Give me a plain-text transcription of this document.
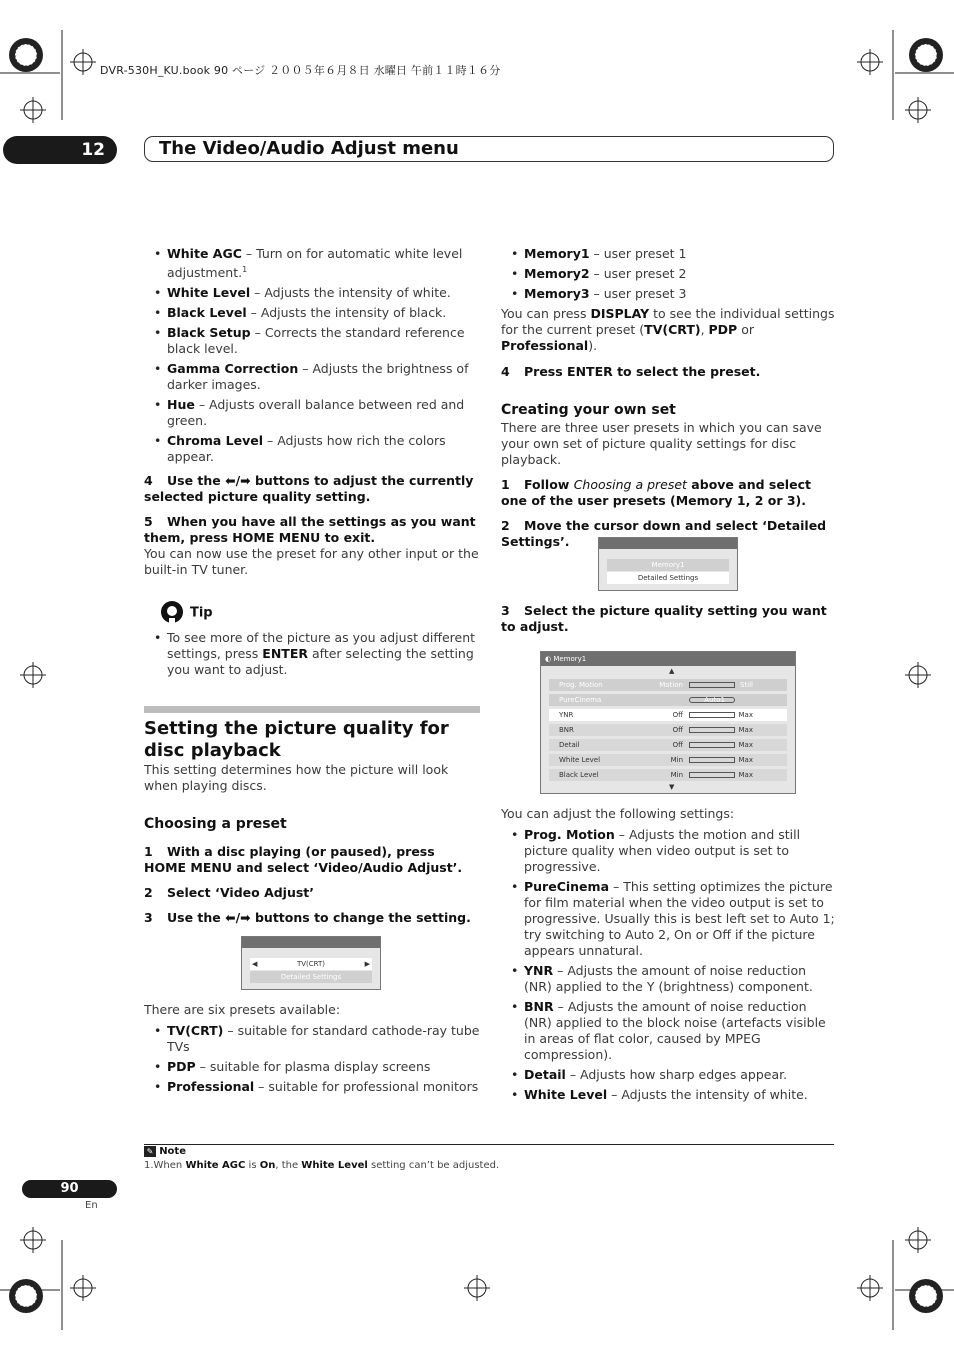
DVR-530H_KU.book 90 ページ ２００５年６月８日 水曜日 午前１１時１６分
12	The Video/Audio Adjust menu
• White AGC – Turn on for automatic white level adjustment.$^1$
• White Level – Adjusts the intensity of white.
• Black Level – Adjusts the intensity of black.
• Black Setup – Corrects the standard reference black level.
• Gamma Correction – Adjusts the brightness of darker images.
• Hue – Adjusts overall balance between red and green.
• Chroma Level – Adjusts how rich the colors appear.

4 Use the ⬅/➡ buttons to adjust the currently selected picture quality setting.

5 When you have all the settings as you want them, press HOME MENU to exit.

You can now use the preset for any other input or the built-in TV tuner.

Tip
• To see more of the picture as you adjust different settings, press ENTER after selecting the setting you want to adjust.
Setting the picture quality for disc playback

This setting determines how the picture will look when playing discs.

Choosing a preset

1 With a disc playing (or paused), press HOME MENU and select ‘Video/Audio Adjust’.

2 Select ‘Video Adjust’

3 Use the ⬅/➡ buttons to change the setting.

◀	TV(CRT)	▶
Detailed Settings

There are six presets available:

• TV(CRT) – suitable for standard cathode-ray tube TVs
• PDP – suitable for plasma display screens
• Professional – suitable for professional monitors
• Memory1 – user preset 1
• Memory2 – user preset 2
• Memory3 – user preset 3

You can press DISPLAY to see the individual settings for the current preset (TV(CRT), PDP or Professional).

4 Press ENTER to select the preset.

Creating your own set

There are three user presets in which you can save your own set of picture quality settings for disc playback.

1 Follow Choosing a preset above and select one of the user presets (Memory 1, 2 or 3).

2 Move the cursor down and select ‘Detailed Settings’.

Memory1
Detailed Settings

3 Select the picture quality setting you want to adjust.

◐ Memory1
▲
Prog. Motion	Motion	Still
PureCinema	Auto1
YNR	Off	Max
BNR	Off	Max
Detail	Off	Max
White Level	Min	Max
Black Level	Min	Max
▼

You can adjust the following settings:

• Prog. Motion – Adjusts the motion and still picture quality when video output is set to progressive.
• PureCinema – This setting optimizes the picture for film material when the video output is set to progressive. Usually this is best left set to Auto 1; try switching to Auto 2, On or Off if the picture appears unnatural.
• YNR – Adjusts the amount of noise reduction (NR) applied to the Y (brightness) component.
• BNR – Adjusts the amount of noise reduction (NR) applied to the block noise (artefacts visible in areas of flat color, caused by MPEG compression).
• Detail – Adjusts how sharp edges appear.
• White Level – Adjusts the intensity of white.
✎ Note
1.When White AGC is On, the White Level setting can’t be adjusted.
90
En
